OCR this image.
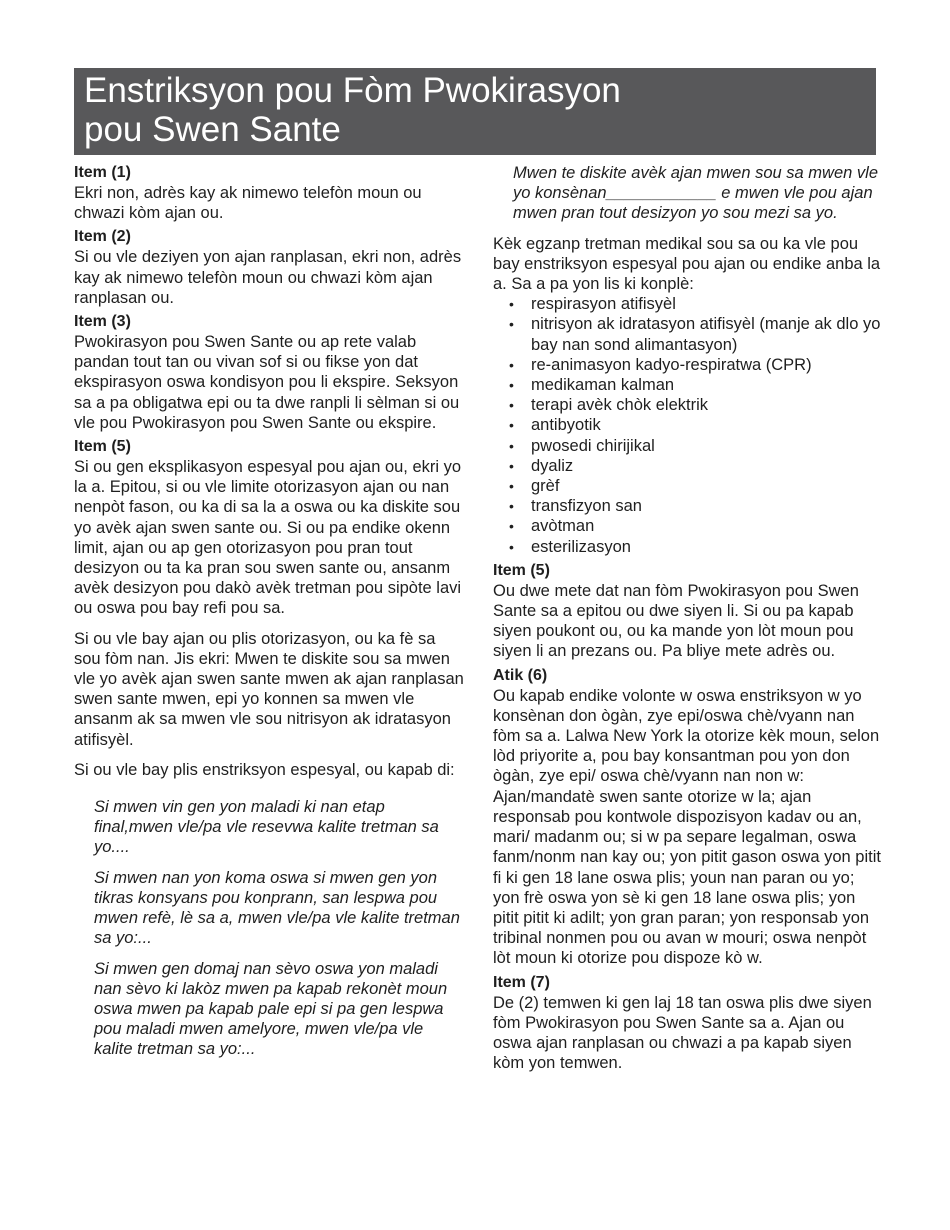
Enstriksyon pou Fòm Pwokirasyon
pou Swen Sante
Item (1)

Ekri non, adrès kay ak nimewo telefòn moun ou chwazi kòm ajan ou.

Item (2)

Si ou vle deziyen yon ajan ranplasan, ekri non, adrès kay ak nimewo telefòn moun ou chwazi kòm ajan ranplasan ou.

Item (3)

Pwokirasyon pou Swen Sante ou ap rete valab pandan tout tan ou vivan sof si ou fikse yon dat ekspirasyon oswa kondisyon pou li ekspire. Seksyon sa a pa obligatwa epi ou ta dwe ranpli li sèlman si ou vle pou Pwokirasyon pou Swen Sante ou ekspire.

Item (5)

Si ou gen eksplikasyon espesyal pou ajan ou, ekri yo la a. Epitou, si ou vle limite otorizasyon ajan ou nan nenpòt fason, ou ka di sa la a oswa ou ka diskite sou yo avèk ajan swen sante ou. Si ou pa endike okenn limit, ajan ou ap gen otorizasyon pou pran tout desizyon ou ta ka pran sou swen sante ou, ansanm avèk desizyon pou dakò avèk tretman pou sipòte lavi ou oswa pou bay refi pou sa.

Si ou vle bay ajan ou plis otorizasyon, ou ka fè sa sou fòm nan. Jis ekri: Mwen te diskite sou sa mwen vle yo avèk ajan swen sante mwen ak ajan ranplasan swen sante mwen, epi yo konnen sa mwen vle ansanm ak sa mwen vle sou nitrisyon ak idratasyon atifisyèl.

Si ou vle bay plis enstriksyon espesyal, ou kapab di:

Si mwen vin gen yon maladi ki nan etap final,mwen vle/pa vle resevwa kalite tretman sa yo....

Si mwen nan yon koma oswa si mwen gen yon tikras konsyans pou konprann, san lespwa pou mwen refè, lè sa a, mwen vle/pa vle kalite tretman sa yo:...

Si mwen gen domaj nan sèvo oswa yon maladi nan sèvo ki lakòz mwen pa kapab rekonèt moun oswa mwen pa kapab pale epi si pa gen lespwa pou maladi mwen amelyore, mwen vle/pa vle kalite tretman sa yo:...

Mwen te diskite avèk ajan mwen sou sa mwen vle yo konsènan____________ e mwen vle pou ajan mwen pran tout desizyon yo sou mezi sa yo.

Kèk egzanp tretman medikal sou sa ou ka vle pou bay enstriksyon espesyal pou ajan ou endike anba la a. Sa a pa yon lis ki konplè:

• respirasyon atifisyèl
• nitrisyon ak idratasyon atifisyèl (manje ak dlo yo bay nan sond alimantasyon)
• re-animasyon kadyo-respiratwa (CPR)
• medikaman kalman
• terapi avèk chòk elektrik
• antibyotik
• pwosedi chirijikal
• dyaliz
• grèf
• transfizyon san
• avòtman
• esterilizasyon
Item (5)

Ou dwe mete dat nan fòm Pwokirasyon pou Swen Sante sa a epitou ou dwe siyen li. Si ou pa kapab siyen poukont ou, ou ka mande yon lòt moun pou siyen li an prezans ou. Pa bliye mete adrès ou.

Atik (6)

Ou kapab endike volonte w oswa enstriksyon w yo konsènan don ògàn, zye epi/oswa chè/vyann nan fòm sa a. Lalwa New York la otorize kèk moun, selon lòd priyorite a, pou bay konsantman pou yon don ògàn, zye epi/ oswa chè/vyann nan non w: Ajan/mandatè swen sante otorize w la; ajan responsab pou kontwole dispozisyon kadav ou an, mari/ madanm ou; si w pa separe legalman, oswa fanm/nonm nan kay ou; yon pitit gason oswa yon pitit fi ki gen 18 lane oswa plis; youn nan paran ou yo; yon frè oswa yon sè ki gen 18 lane oswa plis; yon pitit pitit ki adilt; yon gran paran; yon responsab yon tribinal nonmen pou ou avan w mouri; oswa nenpòt lòt moun ki otorize pou dispoze kò w.

Item (7)

De (2) temwen ki gen laj 18 tan oswa plis dwe siyen fòm Pwokirasyon pou Swen Sante sa a. Ajan ou oswa ajan ranplasan ou chwazi a pa kapab siyen kòm yon temwen.
